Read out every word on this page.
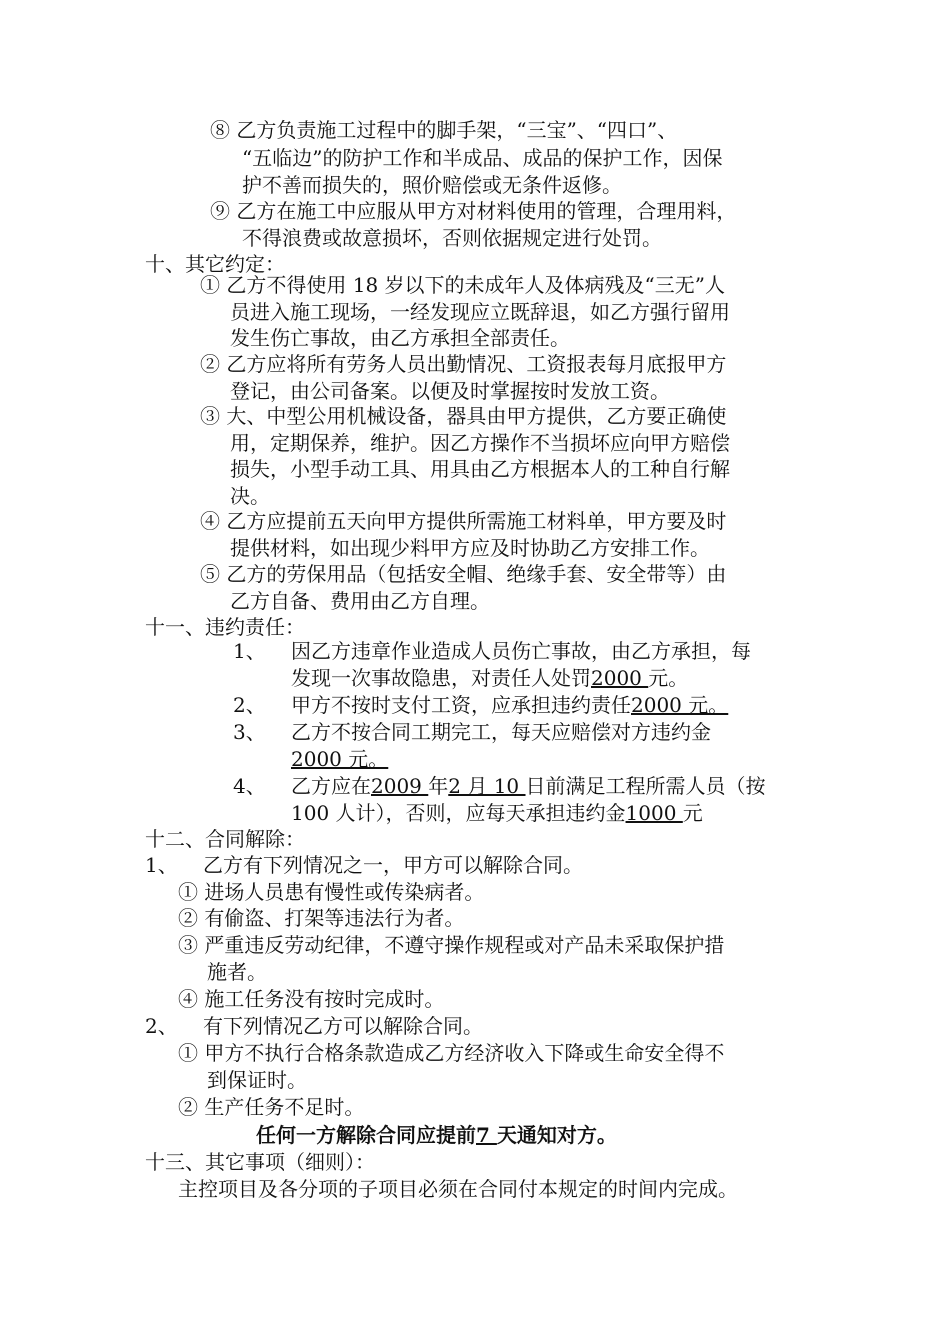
⑧ 乙方负责施工过程中的脚手架，“三宝”、“四口”、

“五临边”的防护工作和半成品、成品的保护工作，因保

护不善而损失的，照价赔偿或无条件返修。

⑨ 乙方在施工中应服从甲方对材料使用的管理，合理用料，

不得浪费或故意损坏，否则依据规定进行处罚。

十、其它约定：

① 乙方不得使用 18 岁以下的未成年人及体病残及“三无”人

员进入施工现场，一经发现应立既辞退，如乙方强行留用

发生伤亡事故，由乙方承担全部责任。

② 乙方应将所有劳务人员出勤情况、工资报表每月底报甲方

登记，由公司备案。以便及时掌握按时发放工资。

③ 大、中型公用机械设备，器具由甲方提供，乙方要正确使

用，定期保养，维护。因乙方操作不当损坏应向甲方赔偿

损失，小型手动工具、用具由乙方根据本人的工种自行解

决。

④ 乙方应提前五天向甲方提供所需施工材料单，甲方要及时

提供材料，如出现少料甲方应及时协助乙方安排工作。

⑤ 乙方的劳保用品（包括安全帽、绝缘手套、安全带等）由

乙方自备、费用由乙方自理。

十一、违约责任：

1、 因乙方违章作业造成人员伤亡事故，由乙方承担，每

发现一次事故隐患，对责任人处罚2000 元。

2、 甲方不按时支付工资，应承担违约责任2000 元。

3、 乙方不按合同工期完工，每天应赔偿对方违约金

2000 元。

4、 乙方应在2009 年2 月 10 日前满足工程所需人员（按

100 人计），否则，应每天承担违约金1000 元

十二、合同解除：

1、 乙方有下列情况之一，甲方可以解除合同。

① 进场人员患有慢性或传染病者。

② 有偷盗、打架等违法行为者。

③ 严重违反劳动纪律，不遵守操作规程或对产品未采取保护措

施者。

④ 施工任务没有按时完成时。

2、 有下列情况乙方可以解除合同。

① 甲方不执行合格条款造成乙方经济收入下降或生命安全得不

到保证时。

② 生产任务不足时。

任何一方解除合同应提前7 天通知对方。

十三、其它事项（细则）：

主控项目及各分项的子项目必须在合同付本规定的时间内完成。
